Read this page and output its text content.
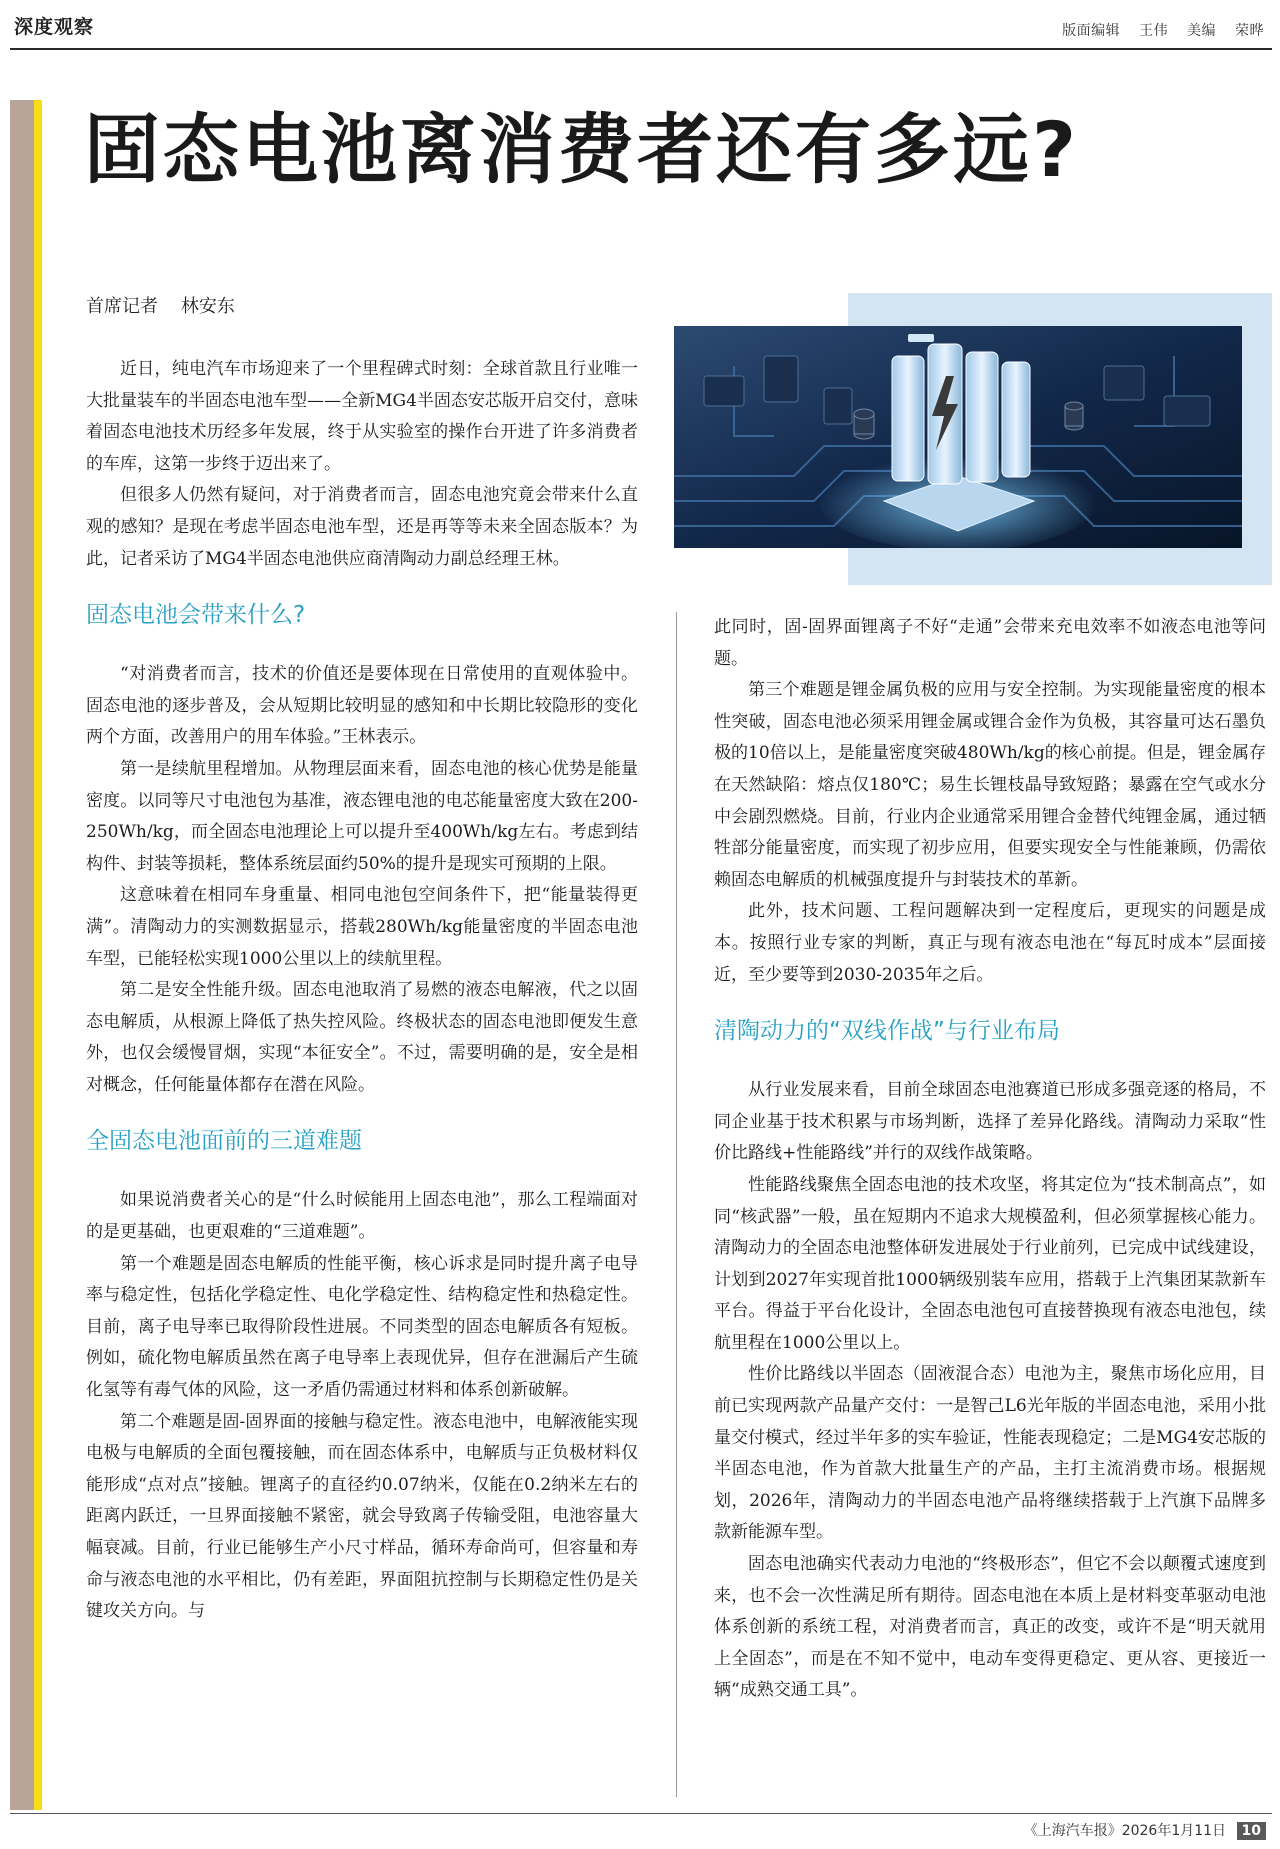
深度观察	版面编辑 王伟 美编 荣晔
固态电池离消费者还有多远?
首席记者    林安东

近日，纯电汽车市场迎来了一个里程碑式时刻：全球首款且行业唯一大批量装车的半固态电池车型——全新MG4半固态安芯版开启交付，意味着固态电池技术历经多年发展，终于从实验室的操作台开进了许多消费者的车库，这第一步终于迈出来了。

但很多人仍然有疑问，对于消费者而言，固态电池究竟会带来什么直观的感知？是现在考虑半固态电池车型，还是再等等未来全固态版本？为此，记者采访了MG4半固态电池供应商清陶动力副总经理王林。

固态电池会带来什么?

“对消费者而言，技术的价值还是要体现在日常使用的直观体验中。固态电池的逐步普及，会从短期比较明显的感知和中长期比较隐形的变化两个方面，改善用户的用车体验。”王林表示。

第一是续航里程增加。从物理层面来看，固态电池的核心优势是能量密度。以同等尺寸电池包为基准，液态锂电池的电芯能量密度大致在200-250Wh/kg，而全固态电池理论上可以提升至400Wh/kg左右。考虑到结构件、封装等损耗，整体系统层面约50%的提升是现实可预期的上限。

这意味着在相同车身重量、相同电池包空间条件下，把“能量装得更满”。清陶动力的实测数据显示，搭载280Wh/kg能量密度的半固态电池车型，已能轻松实现1000公里以上的续航里程。

第二是安全性能升级。固态电池取消了易燃的液态电解液，代之以固态电解质，从根源上降低了热失控风险。终极状态的固态电池即便发生意外，也仅会缓慢冒烟，实现“本征安全”。不过，需要明确的是，安全是相对概念，任何能量体都存在潜在风险。

全固态电池面前的三道难题

如果说消费者关心的是“什么时候能用上固态电池”，那么工程端面对的是更基础，也更艰难的“三道难题”。

第一个难题是固态电解质的性能平衡，核心诉求是同时提升离子电导率与稳定性，包括化学稳定性、电化学稳定性、结构稳定性和热稳定性。目前，离子电导率已取得阶段性进展。不同类型的固态电解质各有短板。例如，硫化物电解质虽然在离子电导率上表现优异，但存在泄漏后产生硫化氢等有毒气体的风险，这一矛盾仍需通过材料和体系创新破解。

第二个难题是固-固界面的接触与稳定性。液态电池中，电解液能实现电极与电解质的全面包覆接触，而在固态体系中，电解质与正负极材料仅能形成“点对点”接触。锂离子的直径约0.07纳米，仅能在0.2纳米左右的距离内跃迁，一旦界面接触不紧密，就会导致离子传输受阻，电池容量大幅衰减。目前，行业已能够生产小尺寸样品，循环寿命尚可，但容量和寿命与液态电池的水平相比，仍有差距，界面阻抗控制与长期稳定性仍是关键攻关方向。与

此同时，固-固界面锂离子不好“走通”会带来充电效率不如液态电池等问题。

第三个难题是锂金属负极的应用与安全控制。为实现能量密度的根本性突破，固态电池必须采用锂金属或锂合金作为负极，其容量可达石墨负极的10倍以上，是能量密度突破480Wh/kg的核心前提。但是，锂金属存在天然缺陷：熔点仅180℃；易生长锂枝晶导致短路；暴露在空气或水分中会剧烈燃烧。目前，行业内企业通常采用锂合金替代纯锂金属，通过牺牲部分能量密度，而实现了初步应用，但要实现安全与性能兼顾，仍需依赖固态电解质的机械强度提升与封装技术的革新。

此外，技术问题、工程问题解决到一定程度后，更现实的问题是成本。按照行业专家的判断，真正与现有液态电池在“每瓦时成本”层面接近，至少要等到2030-2035年之后。

清陶动力的“双线作战”与行业布局

从行业发展来看，目前全球固态电池赛道已形成多强竞逐的格局，不同企业基于技术积累与市场判断，选择了差异化路线。清陶动力采取“性价比路线+性能路线”并行的双线作战策略。

性能路线聚焦全固态电池的技术攻坚，将其定位为“技术制高点”，如同“核武器”一般，虽在短期内不追求大规模盈利，但必须掌握核心能力。清陶动力的全固态电池整体研发进展处于行业前列，已完成中试线建设，计划到2027年实现首批1000辆级别装车应用，搭载于上汽集团某款新车平台。得益于平台化设计，全固态电池包可直接替换现有液态电池包，续航里程在1000公里以上。

性价比路线以半固态（固液混合态）电池为主，聚焦市场化应用，目前已实现两款产品量产交付：一是智己L6光年版的半固态电池，采用小批量交付模式，经过半年多的实车验证，性能表现稳定；二是MG4安芯版的半固态电池，作为首款大批量生产的产品，主打主流消费市场。根据规划，2026年，清陶动力的半固态电池产品将继续搭载于上汽旗下品牌多款新能源车型。

固态电池确实代表动力电池的“终极形态”，但它不会以颠覆式速度到来，也不会一次性满足所有期待。固态电池在本质上是材料变革驱动电池体系创新的系统工程，对消费者而言，真正的改变，或许不是“明天就用上全固态”，而是在不知不觉中，电动车变得更稳定、更从容、更接近一辆“成熟交通工具”。

《上海汽车报》2026年1月11日 10
